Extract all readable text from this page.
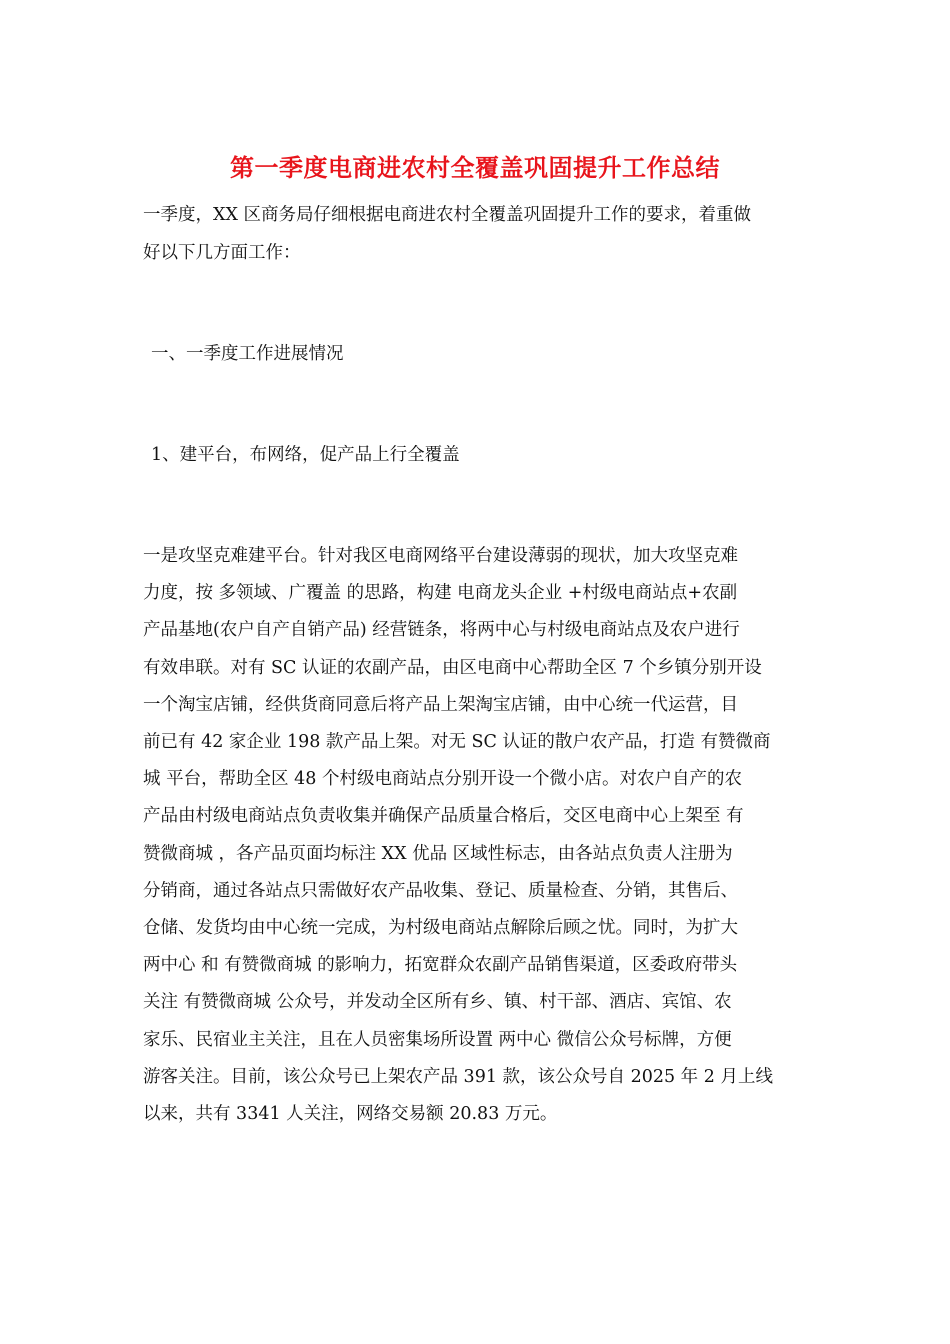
第一季度电商进农村全覆盖巩固提升工作总结

一季度，XX 区商务局仔细根据电商进农村全覆盖巩固提升工作的要求，着重做
好以下几方面工作：

一、一季度工作进展情况

1、建平台，布网络，促产品上行全覆盖

一是攻坚克难建平台。针对我区电商网络平台建设薄弱的现状，加大攻坚克难
力度，按 多领域、广覆盖 的思路，构建 电商龙头企业 +村级电商站点+农副
产品基地(农户自产自销产品) 经营链条，将两中心与村级电商站点及农户进行
有效串联。对有 SC 认证的农副产品，由区电商中心帮助全区 7 个乡镇分别开设
一个淘宝店铺，经供货商同意后将产品上架淘宝店铺，由中心统一代运营，目
前已有 42 家企业 198 款产品上架。对无 SC 认证的散户农产品，打造 有赞微商
城 平台，帮助全区 48 个村级电商站点分别开设一个微小店。对农户自产的农
产品由村级电商站点负责收集并确保产品质量合格后，交区电商中心上架至 有
赞微商城 ，各产品页面均标注 XX 优品 区域性标志，由各站点负责人注册为
分销商，通过各站点只需做好农产品收集、登记、质量检查、分销，其售后、
仓储、发货均由中心统一完成，为村级电商站点解除后顾之忧。同时，为扩大
两中心 和 有赞微商城 的影响力，拓宽群众农副产品销售渠道，区委政府带头
关注 有赞微商城 公众号，并发动全区所有乡、镇、村干部、酒店、宾馆、农
家乐、民宿业主关注，且在人员密集场所设置 两中心 微信公众号标牌，方便
游客关注。目前，该公众号已上架农产品 391 款，该公众号自 2025 年 2 月上线
以来，共有 3341 人关注，网络交易额 20.83 万元。
